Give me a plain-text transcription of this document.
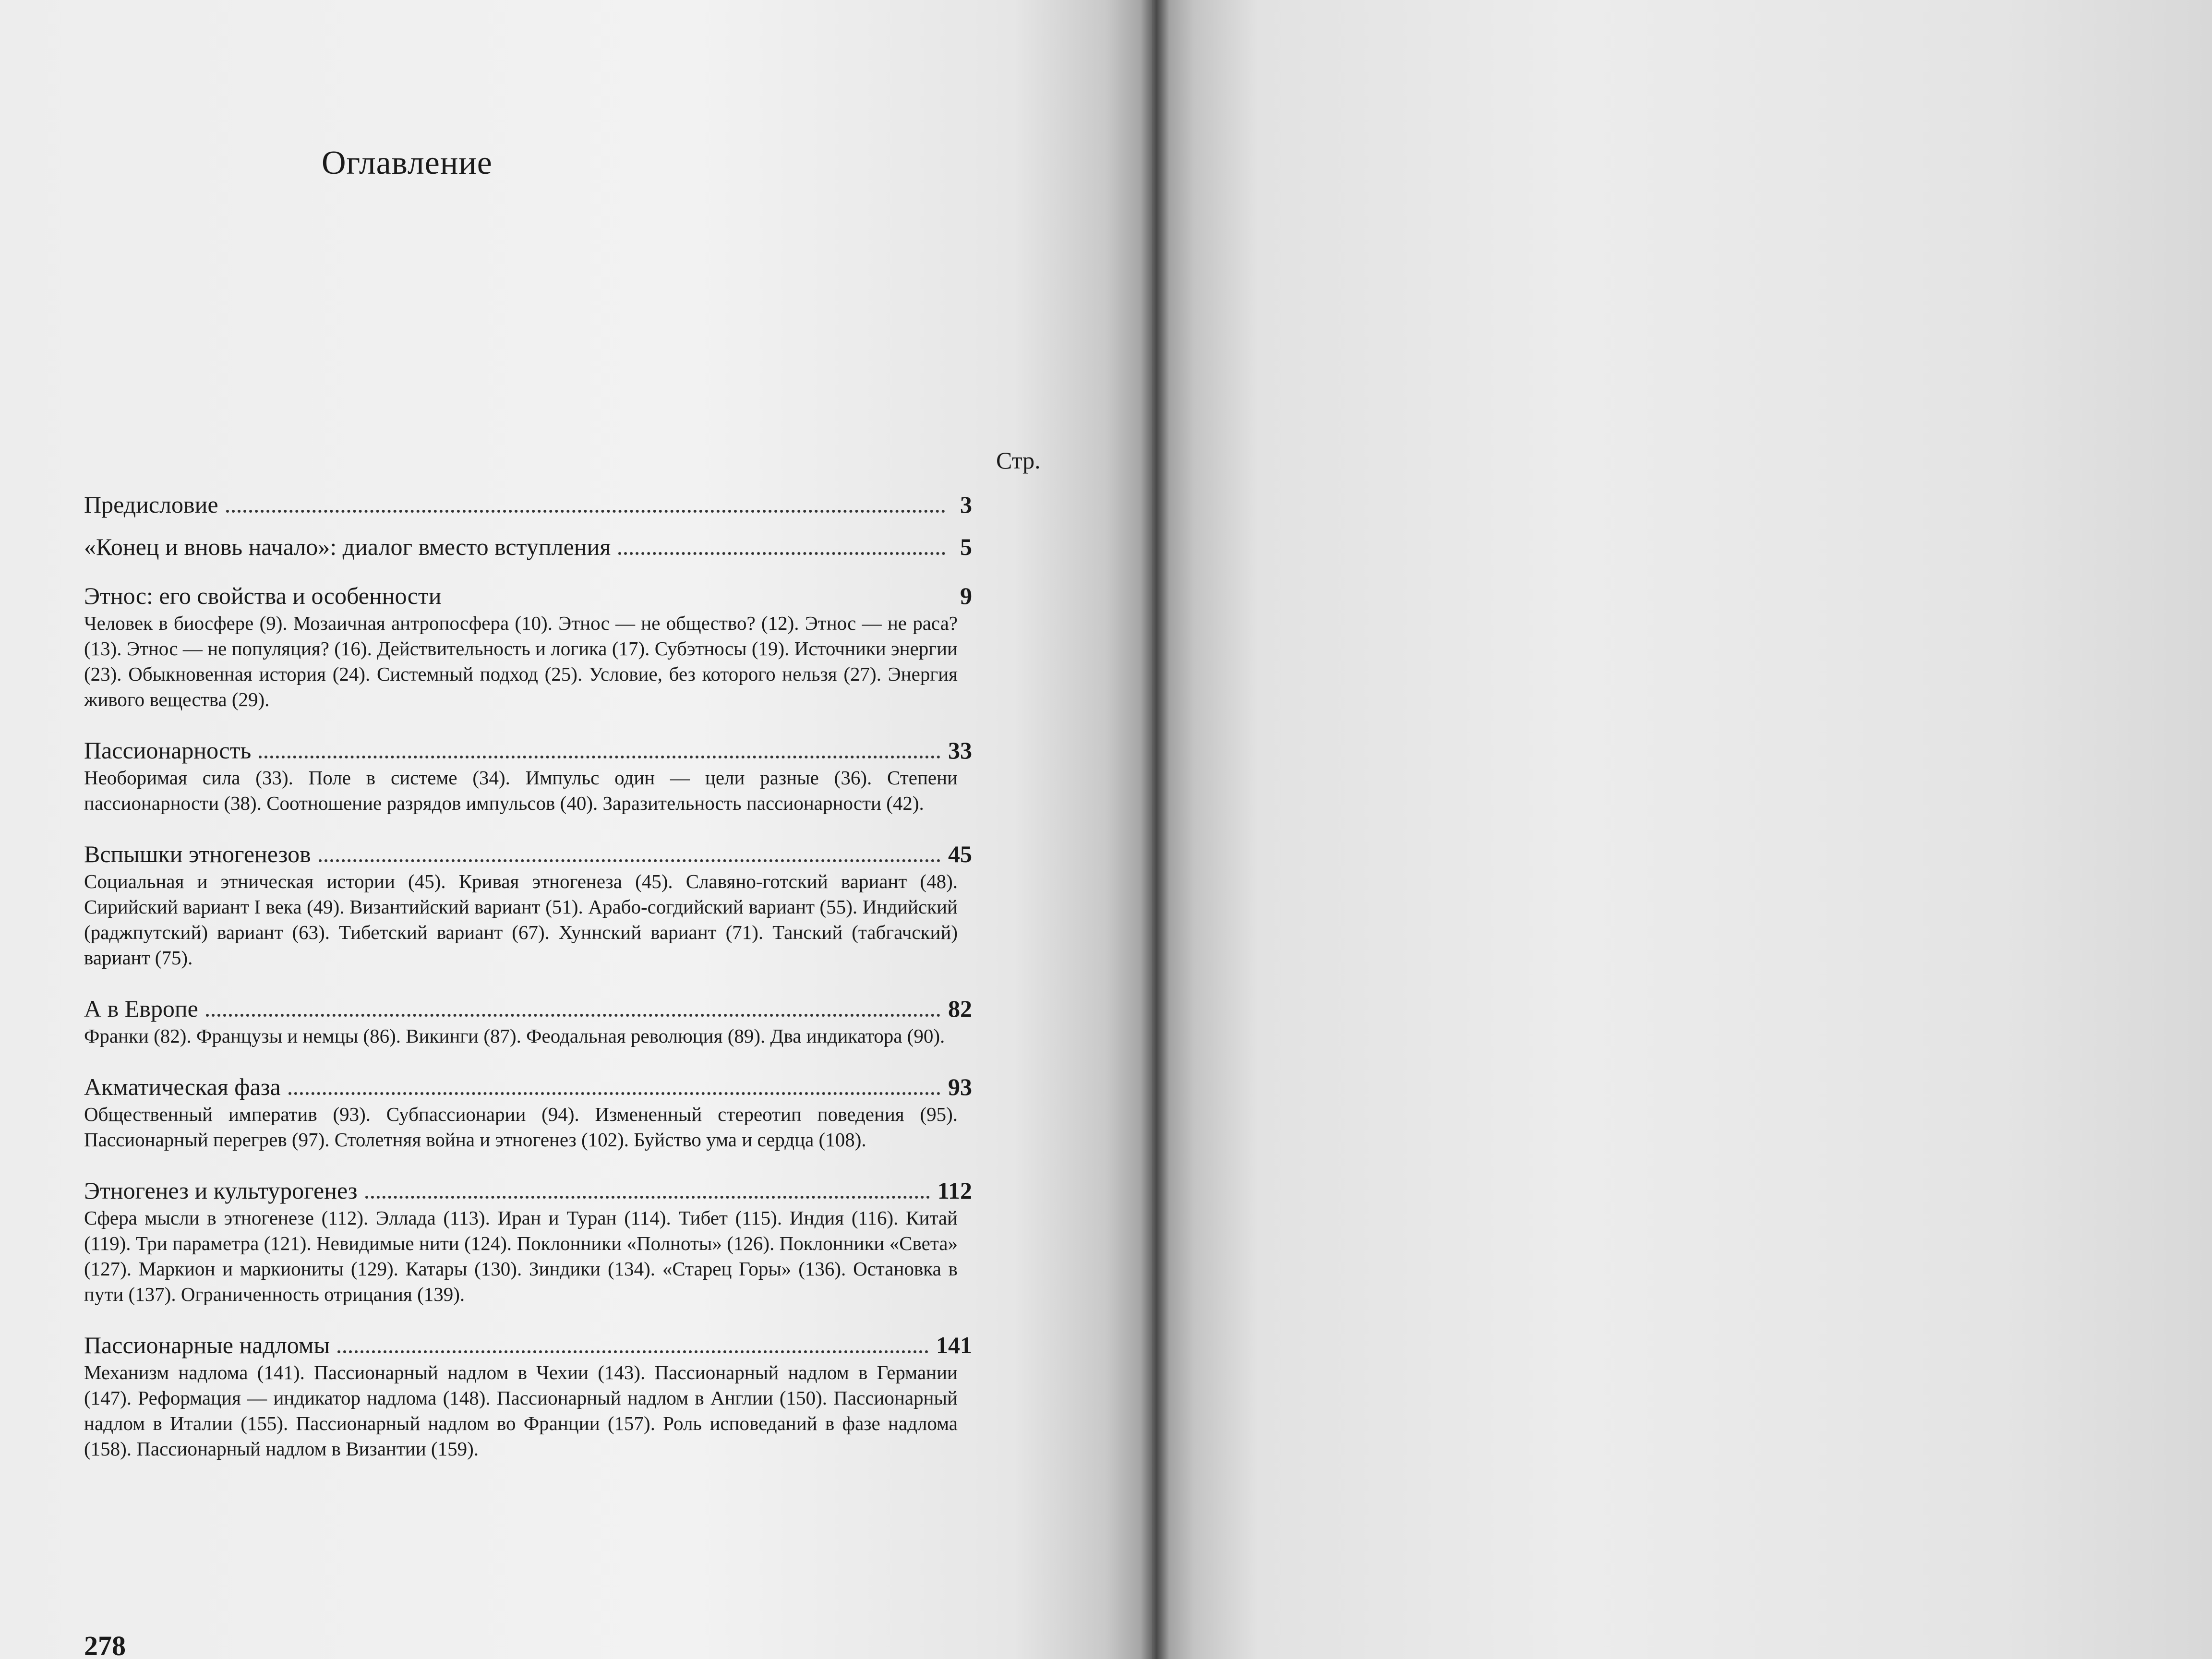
Оглавление
Стр.
Предисловие	3
«Конец и вновь начало»: диалог вместо вступления	5
Этнос: его свойства и особенности	9

Человек в биосфере (9). Мозаичная антропосфера (10). Этнос — не общество? (12). Этнос — не раса? (13). Этнос — не популяция? (16). Действительность и логика (17). Субэтносы (19). Источники энергии (23). Обыкновенная история (24). Системный подход (25). Условие, без которого нельзя (27). Энергия живого вещества (29).

Пассионарность	33

Необоримая сила (33). Поле в системе (34). Импульс один — цели разные (36). Степени пассионарности (38). Соотношение разрядов импульсов (40). Заразительность пассионарности (42).

Вспышки этногенезов	45

Социальная и этническая истории (45). Кривая этногенеза (45). Славяно-готский вариант (48). Сирийский вариант I века (49). Византийский вариант (51). Арабо-согдийский вариант (55). Индийский (раджпутский) вариант (63). Тибетский вариант (67). Хуннский вариант (71). Танский (табгачский) вариант (75).

А в Европе	82

Франки (82). Французы и немцы (86). Викинги (87). Феодальная революция (89). Два индикатора (90).

Акматическая фаза	93

Общественный императив (93). Субпассионарии (94). Измененный стереотип поведения (95). Пассионарный перегрев (97). Столетняя война и этногенез (102). Буйство ума и сердца (108).

Этногенез и культурогенез	112

Сфера мысли в этногенезе (112). Эллада (113). Иран и Туран (114). Тибет (115). Индия (116). Китай (119). Три параметра (121). Невидимые нити (124). Поклонники «Полноты» (126). Поклонники «Света» (127). Маркион и маркиониты (129). Катары (130). Зиндики (134). «Старец Горы» (136). Остановка в пути (137). Ограниченность отрицания (139).

Пассионарные надломы	141

Механизм надлома (141). Пассионарный надлом в Чехии (143). Пассионарный надлом в Германии (147). Реформация — индикатор надлома (148). Пассионарный надлом в Англии (150). Пассионарный надлом в Италии (155). Пассионарный надлом во Франции (157). Роль исповеданий в фазе надлома (158). Пассионарный надлом в Византии (159).

278
